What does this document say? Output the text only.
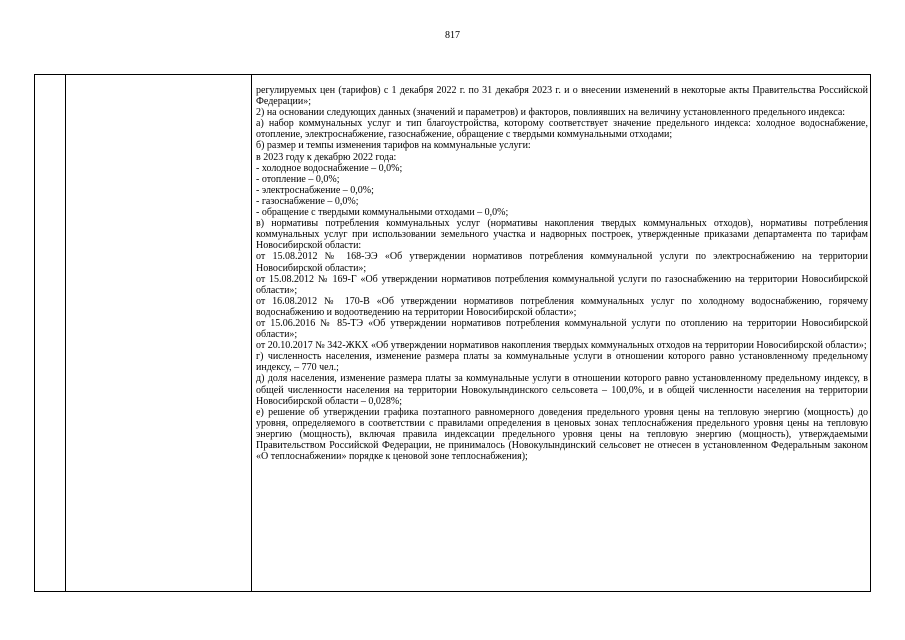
817

регулируемых цен (тарифов) с 1 декабря 2022 г. по 31 декабря 2023 г. и о внесении изменений в некоторые акты Правительства Российской Федерации»;

2) на основании следующих данных (значений и параметров) и факторов, повлиявших на величину установленного предельного индекса:

а) набор коммунальных услуг и тип благоустройства, которому соответствует значение предельного индекса: холодное водоснабжение, отопление, электроснабжение, газоснабжение, обращение с твердыми коммунальными отходами;

б) размер и темпы изменения тарифов на коммунальные услуги:

в 2023 году к декабрю 2022 года:

- холодное водоснабжение – 0,0%;

- отопление – 0,0%;

- электроснабжение – 0,0%;

- газоснабжение – 0,0%;

- обращение с твердыми коммунальными отходами – 0,0%;

в) нормативы потребления коммунальных услуг (нормативы накопления твердых коммунальных отходов), нормативы потребления коммунальных услуг при использовании земельного участка и надворных построек, утвержденные приказами департамента по тарифам Новосибирской области:

от 15.08.2012 № 168-ЭЭ «Об утверждении нормативов потребления коммунальной услуги по электроснабжению на территории Новосибирской области»;

от 15.08.2012 № 169-Г «Об утверждении нормативов потребления коммунальной услуги по газоснабжению на территории Новосибирской области»;

от 16.08.2012 № 170-В «Об утверждении нормативов потребления коммунальных услуг по холодному водоснабжению, горячему водоснабжению и водоотведению на территории Новосибирской области»;

от 15.06.2016 № 85-ТЭ «Об утверждении нормативов потребления коммунальной услуги по отоплению на территории Новосибирской области»;

от 20.10.2017 № 342-ЖКХ «Об утверждении нормативов накопления твердых коммунальных отходов на территории Новосибирской области»;

г) численность населения, изменение размера платы за коммунальные услуги в отношении которого равно установленному предельному индексу, – 770 чел.;

д) доля населения, изменение размера платы за коммунальные услуги в отношении которого равно установленному предельному индексу, в общей численности населения на территории Новокулындинского сельсовета – 100,0%, и в общей численности населения на территории Новосибирской области – 0,028%;

е) решение об утверждении графика поэтапного равномерного доведения предельного уровня цены на тепловую энергию (мощность) до уровня, определяемого в соответствии с правилами определения в ценовых зонах теплоснабжения предельного уровня цены на тепловую энергию (мощность), включая правила индексации предельного уровня цены на тепловую энергию (мощность), утверждаемыми Правительством Российской Федерации, не принималось (Новокулындинский сельсовет не отнесен в установленном Федеральным законом «О теплоснабжении» порядке к ценовой зоне теплоснабжения);
